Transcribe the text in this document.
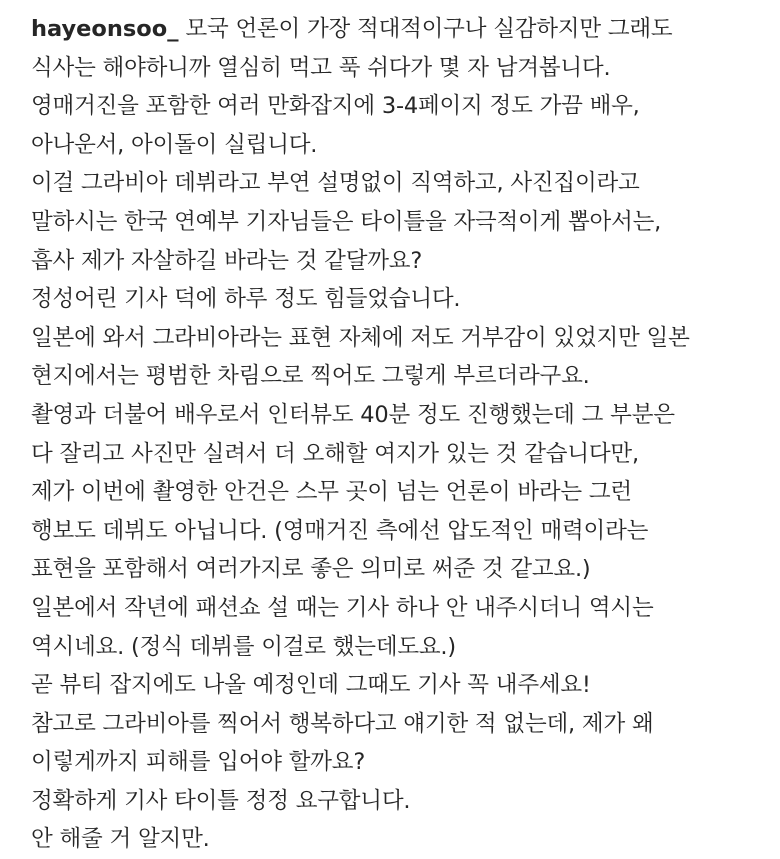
hayeonsoo_ 모국 언론이 가장 적대적이구나 실감하지만 그래도
식사는 해야하니까 열심히 먹고 푹 쉬다가 몇 자 남겨봅니다.
영매거진을 포함한 여러 만화잡지에 3-4페이지 정도 가끔 배우,
아나운서, 아이돌이 실립니다.
이걸 그라비아 데뷔라고 부연 설명없이 직역하고, 사진집이라고
말하시는 한국 연예부 기자님들은 타이틀을 자극적이게 뽑아서는,
흡사 제가 자살하길 바라는 것 같달까요?
정성어린 기사 덕에 하루 정도 힘들었습니다.
일본에 와서 그라비아라는 표현 자체에 저도 거부감이 있었지만 일본
현지에서는 평범한 차림으로 찍어도 그렇게 부르더라구요.
촬영과 더불어 배우로서 인터뷰도 40분 정도 진행했는데 그 부분은
다 잘리고 사진만 실려서 더 오해할 여지가 있는 것 같습니다만,
제가 이번에 촬영한 안건은 스무 곳이 넘는 언론이 바라는 그런
행보도 데뷔도 아닙니다. (영매거진 측에선 압도적인 매력이라는
표현을 포함해서 여러가지로 좋은 의미로 써준 것 같고요.)
일본에서 작년에 패션쇼 설 때는 기사 하나 안 내주시더니 역시는
역시네요. (정식 데뷔를 이걸로 했는데도요.)
곧 뷰티 잡지에도 나올 예정인데 그때도 기사 꼭 내주세요!
참고로 그라비아를 찍어서 행복하다고 얘기한 적 없는데, 제가 왜
이렇게까지 피해를 입어야 할까요?
정확하게 기사 타이틀 정정 요구합니다.
안 해줄 거 알지만.
